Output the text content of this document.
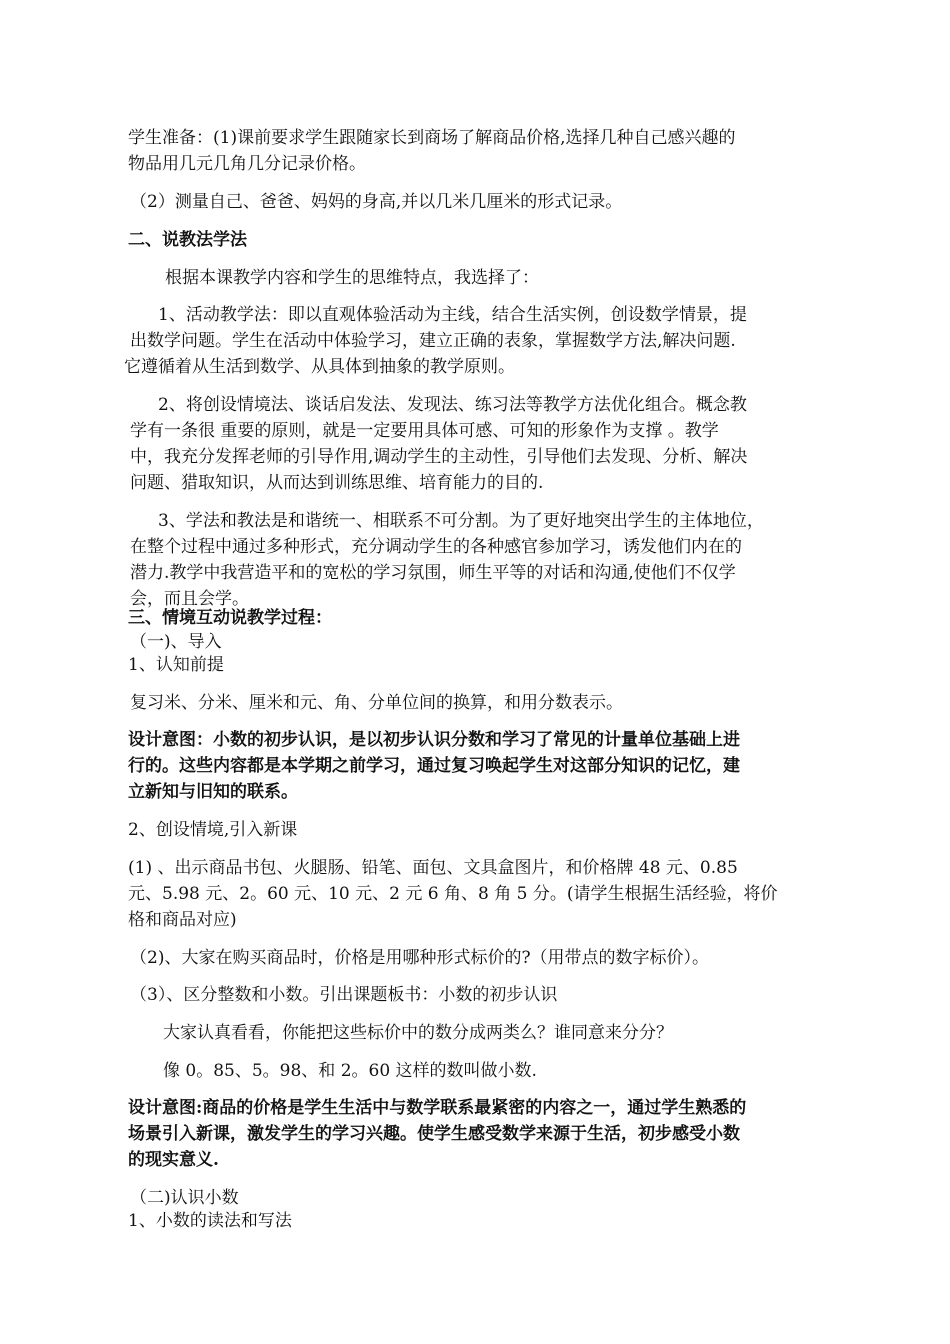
学生准备：(1)课前要求学生跟随家长到商场了解商品价格,选择几种自己感兴趣的
物品用几元几角几分记录价格。
（2）测量自己、爸爸、妈妈的身高,并以几米几厘米的形式记录。
二、说教法学法
根据本课教学内容和学生的思维特点，我选择了：
1、活动教学法：即以直观体验活动为主线，结合生活实例，创设数学情景，提
出数学问题。学生在活动中体验学习，建立正确的表象，掌握数学方法,解决问题.
它遵循着从生活到数学、从具体到抽象的教学原则。
2、将创设情境法、谈话启发法、发现法、练习法等教学方法优化组合。概念教
学有一条很 重要的原则，就是一定要用具体可感、可知的形象作为支撑 。教学
中，我充分发挥老师的引导作用,调动学生的主动性，引导他们去发现、分析、解决
问题、猎取知识，从而达到训练思维、培育能力的目的.
3、学法和教法是和谐统一、相联系不可分割。为了更好地突出学生的主体地位，
在整个过程中通过多种形式，充分调动学生的各种感官参加学习，诱发他们内在的
潜力.教学中我营造平和的宽松的学习氛围，师生平等的对话和沟通,使他们不仅学
会，而且会学。
三、情境互动说教学过程：
（一)、导入
1、认知前提
复习米、分米、厘米和元、角、分单位间的换算，和用分数表示。
设计意图：小数的初步认识，是以初步认识分数和学习了常见的计量单位基础上进
行的。这些内容都是本学期之前学习，通过复习唤起学生对这部分知识的记忆，建
立新知与旧知的联系。
2、创设情境,引入新课
(1) 、出示商品书包、火腿肠、铅笔、面包、文具盒图片，和价格牌 48 元、0.85
元、5.98 元、2。60 元、10 元、2 元 6 角、8 角 5 分。(请学生根据生活经验，将价
格和商品对应)
（2)、大家在购买商品时，价格是用哪种形式标价的?（用带点的数字标价）。
（3）、区分整数和小数。引出课题板书：小数的初步认识
大家认真看看，你能把这些标价中的数分成两类么？谁同意来分分？
像 0。85、5。98、和 2。60 这样的数叫做小数.
设计意图:商品的价格是学生生活中与数学联系最紧密的内容之一，通过学生熟悉的
场景引入新课，激发学生的学习兴趣。使学生感受数学来源于生活，初步感受小数
的现实意义.
（二)认识小数
1、小数的读法和写法
